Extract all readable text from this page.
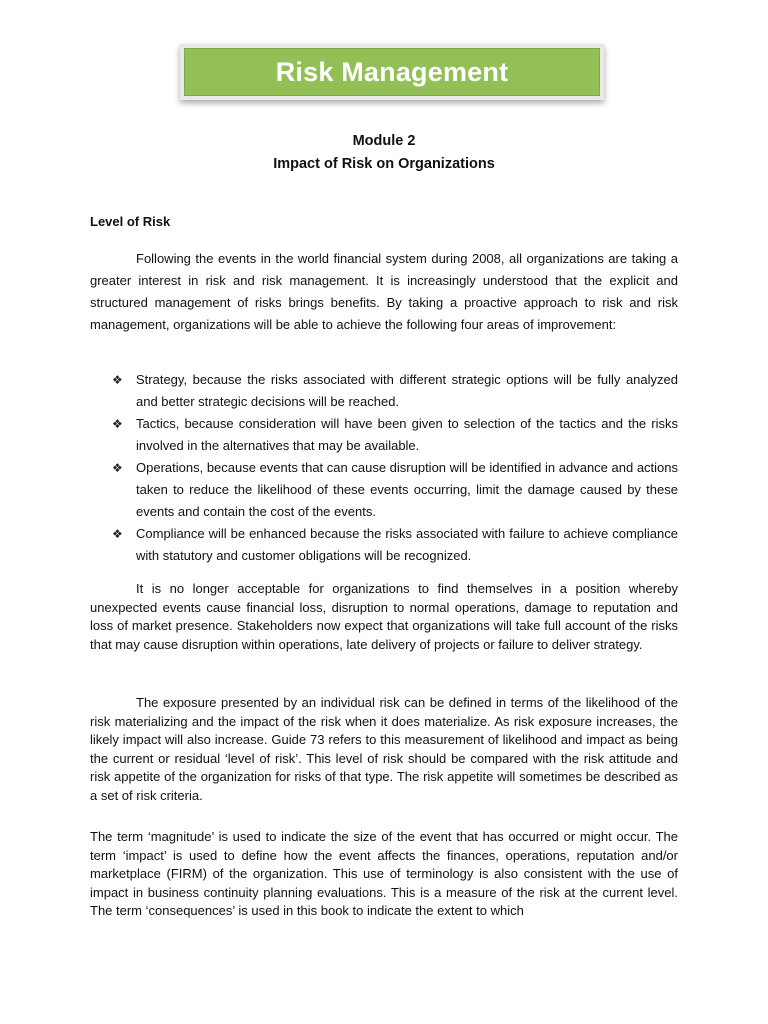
Risk Management
Module 2
Impact of Risk on Organizations
Level of Risk

Following the events in the world financial system during 2008, all organizations are taking a greater interest in risk and risk management. It is increasingly understood that the explicit and structured management of risks brings benefits. By taking a proactive approach to risk and risk management, organizations will be able to achieve the following four areas of improvement:

❖	Strategy, because the risks associated with different strategic options will be fully analyzed and better strategic decisions will be reached.
❖	Tactics, because consideration will have been given to selection of the tactics and the risks involved in the alternatives that may be available.
❖	Operations, because events that can cause disruption will be identified in advance and actions taken to reduce the likelihood of these events occurring, limit the damage caused by these events and contain the cost of the events.
❖	Compliance will be enhanced because the risks associated with failure to achieve compliance with statutory and customer obligations will be recognized.

It is no longer acceptable for organizations to find themselves in a position whereby unexpected events cause financial loss, disruption to normal operations, damage to reputation and loss of market presence. Stakeholders now expect that organizations will take full account of the risks that may cause disruption within operations, late delivery of projects or failure to deliver strategy.

The exposure presented by an individual risk can be defined in terms of the likelihood of the risk materializing and the impact of the risk when it does materialize. As risk exposure increases, the likely impact will also increase. Guide 73 refers to this measurement of likelihood and impact as being the current or residual ‘level of risk’. This level of risk should be compared with the risk attitude and risk appetite of the organization for risks of that type. The risk appetite will sometimes be described as a set of risk criteria.

The term ‘magnitude’ is used to indicate the size of the event that has occurred or might occur. The term ‘impact’ is used to define how the event affects the finances, operations, reputation and/or marketplace (FIRM) of the organization. This use of terminology is also consistent with the use of impact in business continuity planning evaluations. This is a measure of the risk at the current level. The term ‘consequences’ is used in this book to indicate the extent to which
